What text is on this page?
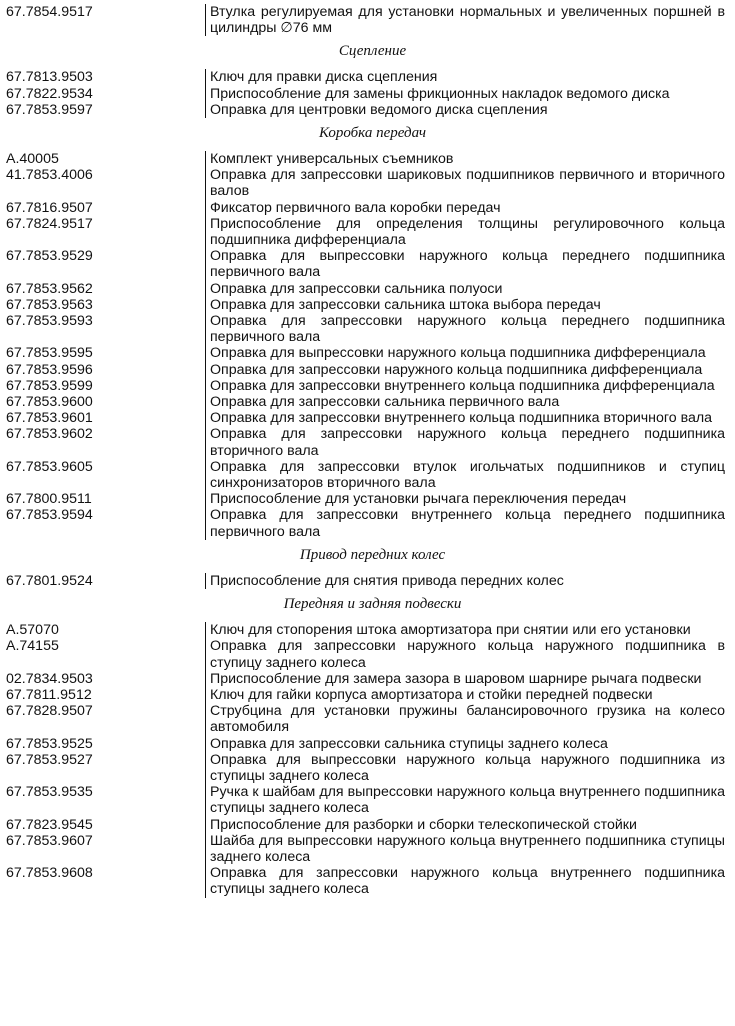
67.7854.9517	Втулка регулируемая для установки нормальных и увеличенных поршней в цилиндры ∅76 мм
Сцепление
67.7813.9503	Ключ для правки диска сцепления
67.7822.9534	Приспособление для замены фрикционных накладок ведомого диска
67.7853.9597	Оправка для центровки ведомого диска сцепления
Коробка передач
А.40005	Комплект универсальных съемников
41.7853.4006	Оправка для запрессовки шариковых подшипников первичного и вторичного валов
67.7816.9507	Фиксатор первичного вала коробки передач
67.7824.9517	Приспособление для определения толщины регулировочного кольца подшипника дифференциала
67.7853.9529	Оправка для выпрессовки наружного кольца переднего подшипника первичного вала
67.7853.9562	Оправка для запрессовки сальника полуоси
67.7853.9563	Оправка для запрессовки сальника штока выбора передач
67.7853.9593	Оправка для запрессовки наружного кольца переднего подшипника первичного вала
67.7853.9595	Оправка для выпрессовки наружного кольца подшипника дифференциала
67.7853.9596	Оправка для запрессовки наружного кольца подшипника дифференциала
67.7853.9599	Оправка для запрессовки внутреннего кольца подшипника дифференциала
67.7853.9600	Оправка для запрессовки сальника первичного вала
67.7853.9601	Оправка для запрессовки внутреннего кольца подшипника вторичного вала
67.7853.9602	Оправка для запрессовки наружного кольца переднего подшипника вторичного вала
67.7853.9605	Оправка для запрессовки втулок игольчатых подшипников и ступиц синхронизаторов вторичного вала
67.7800.9511	Приспособление для установки рычага переключения передач
67.7853.9594	Оправка для запрессовки внутреннего кольца переднего подшипника первичного вала
Привод передних колес
67.7801.9524	Приспособление для снятия привода передних колес
Передняя и задняя подвески
А.57070	Ключ для стопорения штока амортизатора при снятии или его установки
А.74155	Оправка для запрессовки наружного кольца наружного подшипника в ступицу заднего колеса
02.7834.9503	Приспособление для замера зазора в шаровом шарнире рычага подвески
67.7811.9512	Ключ для гайки корпуса амортизатора и стойки передней подвески
67.7828.9507	Струбцина для установки пружины балансировочного грузика на колесо автомобиля
67.7853.9525	Оправка для запрессовки сальника ступицы заднего колеса
67.7853.9527	Оправка для выпрессовки наружного кольца наружного подшипника из ступицы заднего колеса
67.7853.9535	Ручка к шайбам для выпрессовки наружного кольца внутреннего подшипника ступицы заднего колеса
67.7823.9545	Приспособление для разборки и сборки телескопической стойки
67.7853.9607	Шайба для выпрессовки наружного кольца внутреннего подшипника ступицы заднего колеса
67.7853.9608	Оправка для запрессовки наружного кольца внутреннего подшипника ступицы заднего колеса
